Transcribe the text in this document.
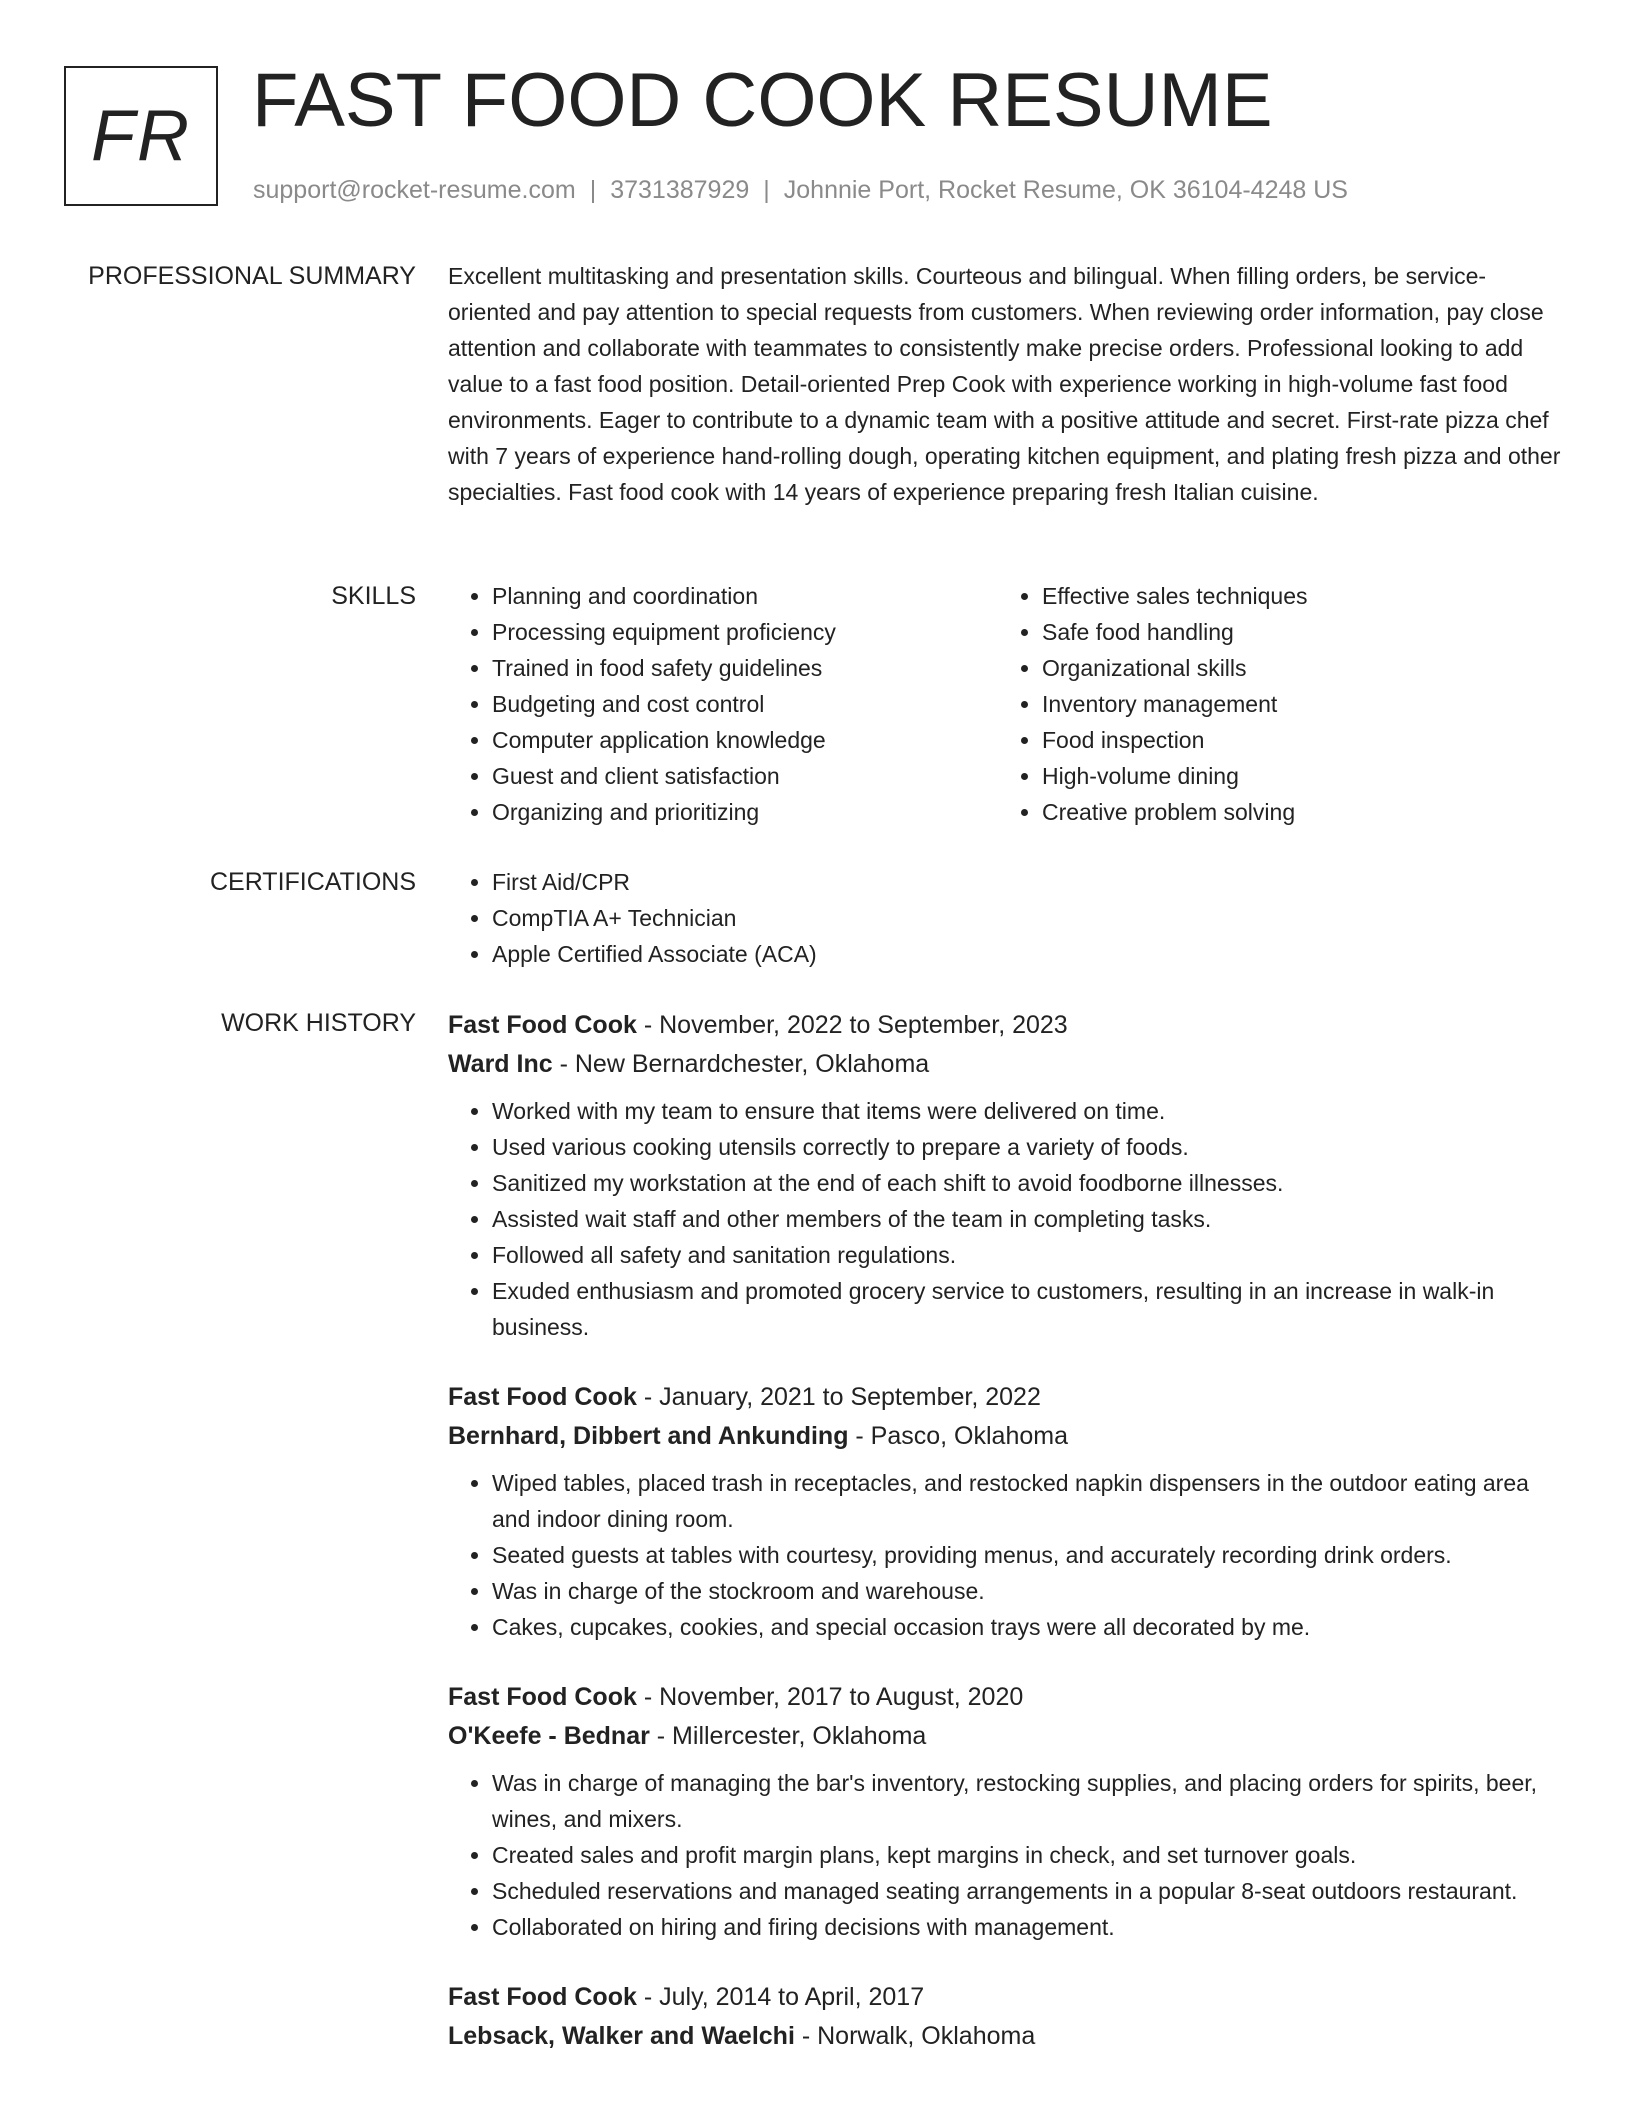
FR FAST FOOD COOK RESUME
support@rocket-resume.com | 3731387929 | Johnnie Port, Rocket Resume, OK 36104-4248 US
PROFESSIONAL SUMMARY Excellent multitasking and presentation skills. Courteous and bilingual. When filling orders, be service-oriented and pay attention to special requests from customers. When reviewing order information, pay close attention and collaborate with teammates to consistently make precise orders. Professional looking to add value to a fast food position. Detail-oriented Prep Cook with experience working in high-volume fast food environments. Eager to contribute to a dynamic team with a positive attitude and secret. First-rate pizza chef with 7 years of experience hand-rolling dough, operating kitchen equipment, and plating fresh pizza and other specialties. Fast food cook with 14 years of experience preparing fresh Italian cuisine.
SKILLS	• Planning and coordination
• Processing equipment proficiency
• Trained in food safety guidelines
• Budgeting and cost control
• Computer application knowledge
• Guest and client satisfaction
• Organizing and prioritizing
• Effective sales techniques
• Safe food handling
• Organizational skills
• Inventory management
• Food inspection
• High-volume dining
• Creative problem solving
CERTIFICATIONS	• First Aid/CPR
• CompTIA A+ Technician
• Apple Certified Associate (ACA)
WORK HISTORY Fast Food Cook - November, 2022 to September, 2023
Ward Inc - New Bernardchester, Oklahoma
• Worked with my team to ensure that items were delivered on time.
• Used various cooking utensils correctly to prepare a variety of foods.
• Sanitized my workstation at the end of each shift to avoid foodborne illnesses.
• Assisted wait staff and other members of the team in completing tasks.
• Followed all safety and sanitation regulations.
• Exuded enthusiasm and promoted grocery service to customers, resulting in an increase in walk-in business.
Fast Food Cook - January, 2021 to September, 2022
Bernhard, Dibbert and Ankunding - Pasco, Oklahoma
• Wiped tables, placed trash in receptacles, and restocked napkin dispensers in the outdoor eating area and indoor dining room.
• Seated guests at tables with courtesy, providing menus, and accurately recording drink orders.
• Was in charge of the stockroom and warehouse.
• Cakes, cupcakes, cookies, and special occasion trays were all decorated by me.
Fast Food Cook - November, 2017 to August, 2020
O'Keefe - Bednar - Millercester, Oklahoma
• Was in charge of managing the bar's inventory, restocking supplies, and placing orders for spirits, beer, wines, and mixers.
• Created sales and profit margin plans, kept margins in check, and set turnover goals.
• Scheduled reservations and managed seating arrangements in a popular 8-seat outdoors restaurant.
• Collaborated on hiring and firing decisions with management.
Fast Food Cook - July, 2014 to April, 2017
Lebsack, Walker and Waelchi - Norwalk, Oklahoma
